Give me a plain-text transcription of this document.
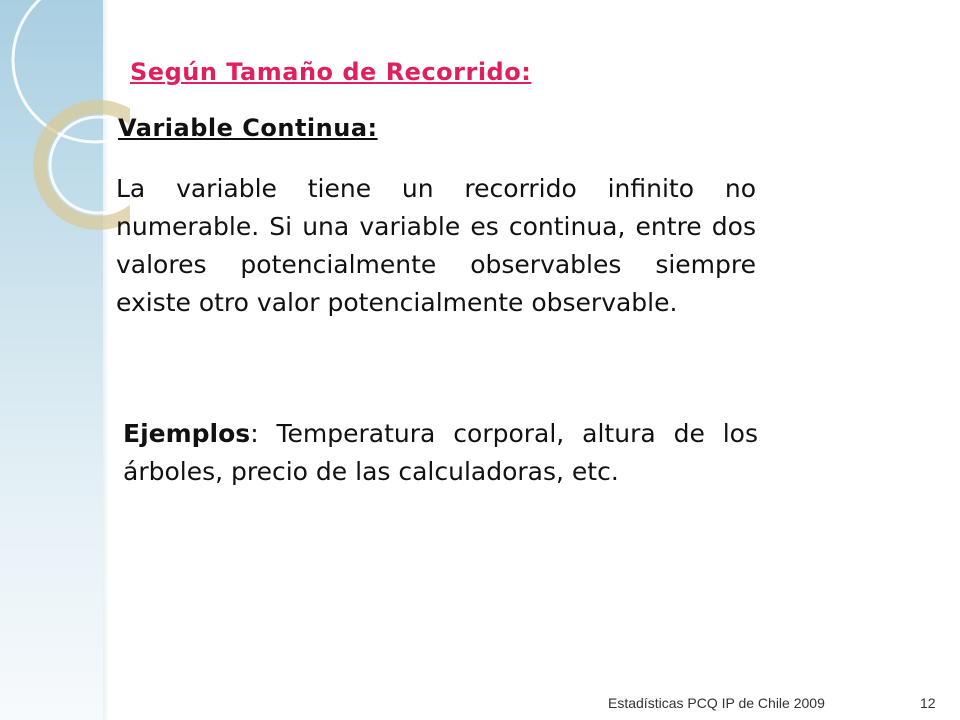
Según Tamaño de Recorrido:
Variable Continua:

La variable tiene un recorrido infinito no numerable. Si una variable es continua, entre dos valores potencialmente observables siempre existe otro valor potencialmente observable.

Ejemplos: Temperatura corporal, altura de los árboles, precio de las calculadoras, etc.

Estadísticas PCQ IP de Chile 2009	12
